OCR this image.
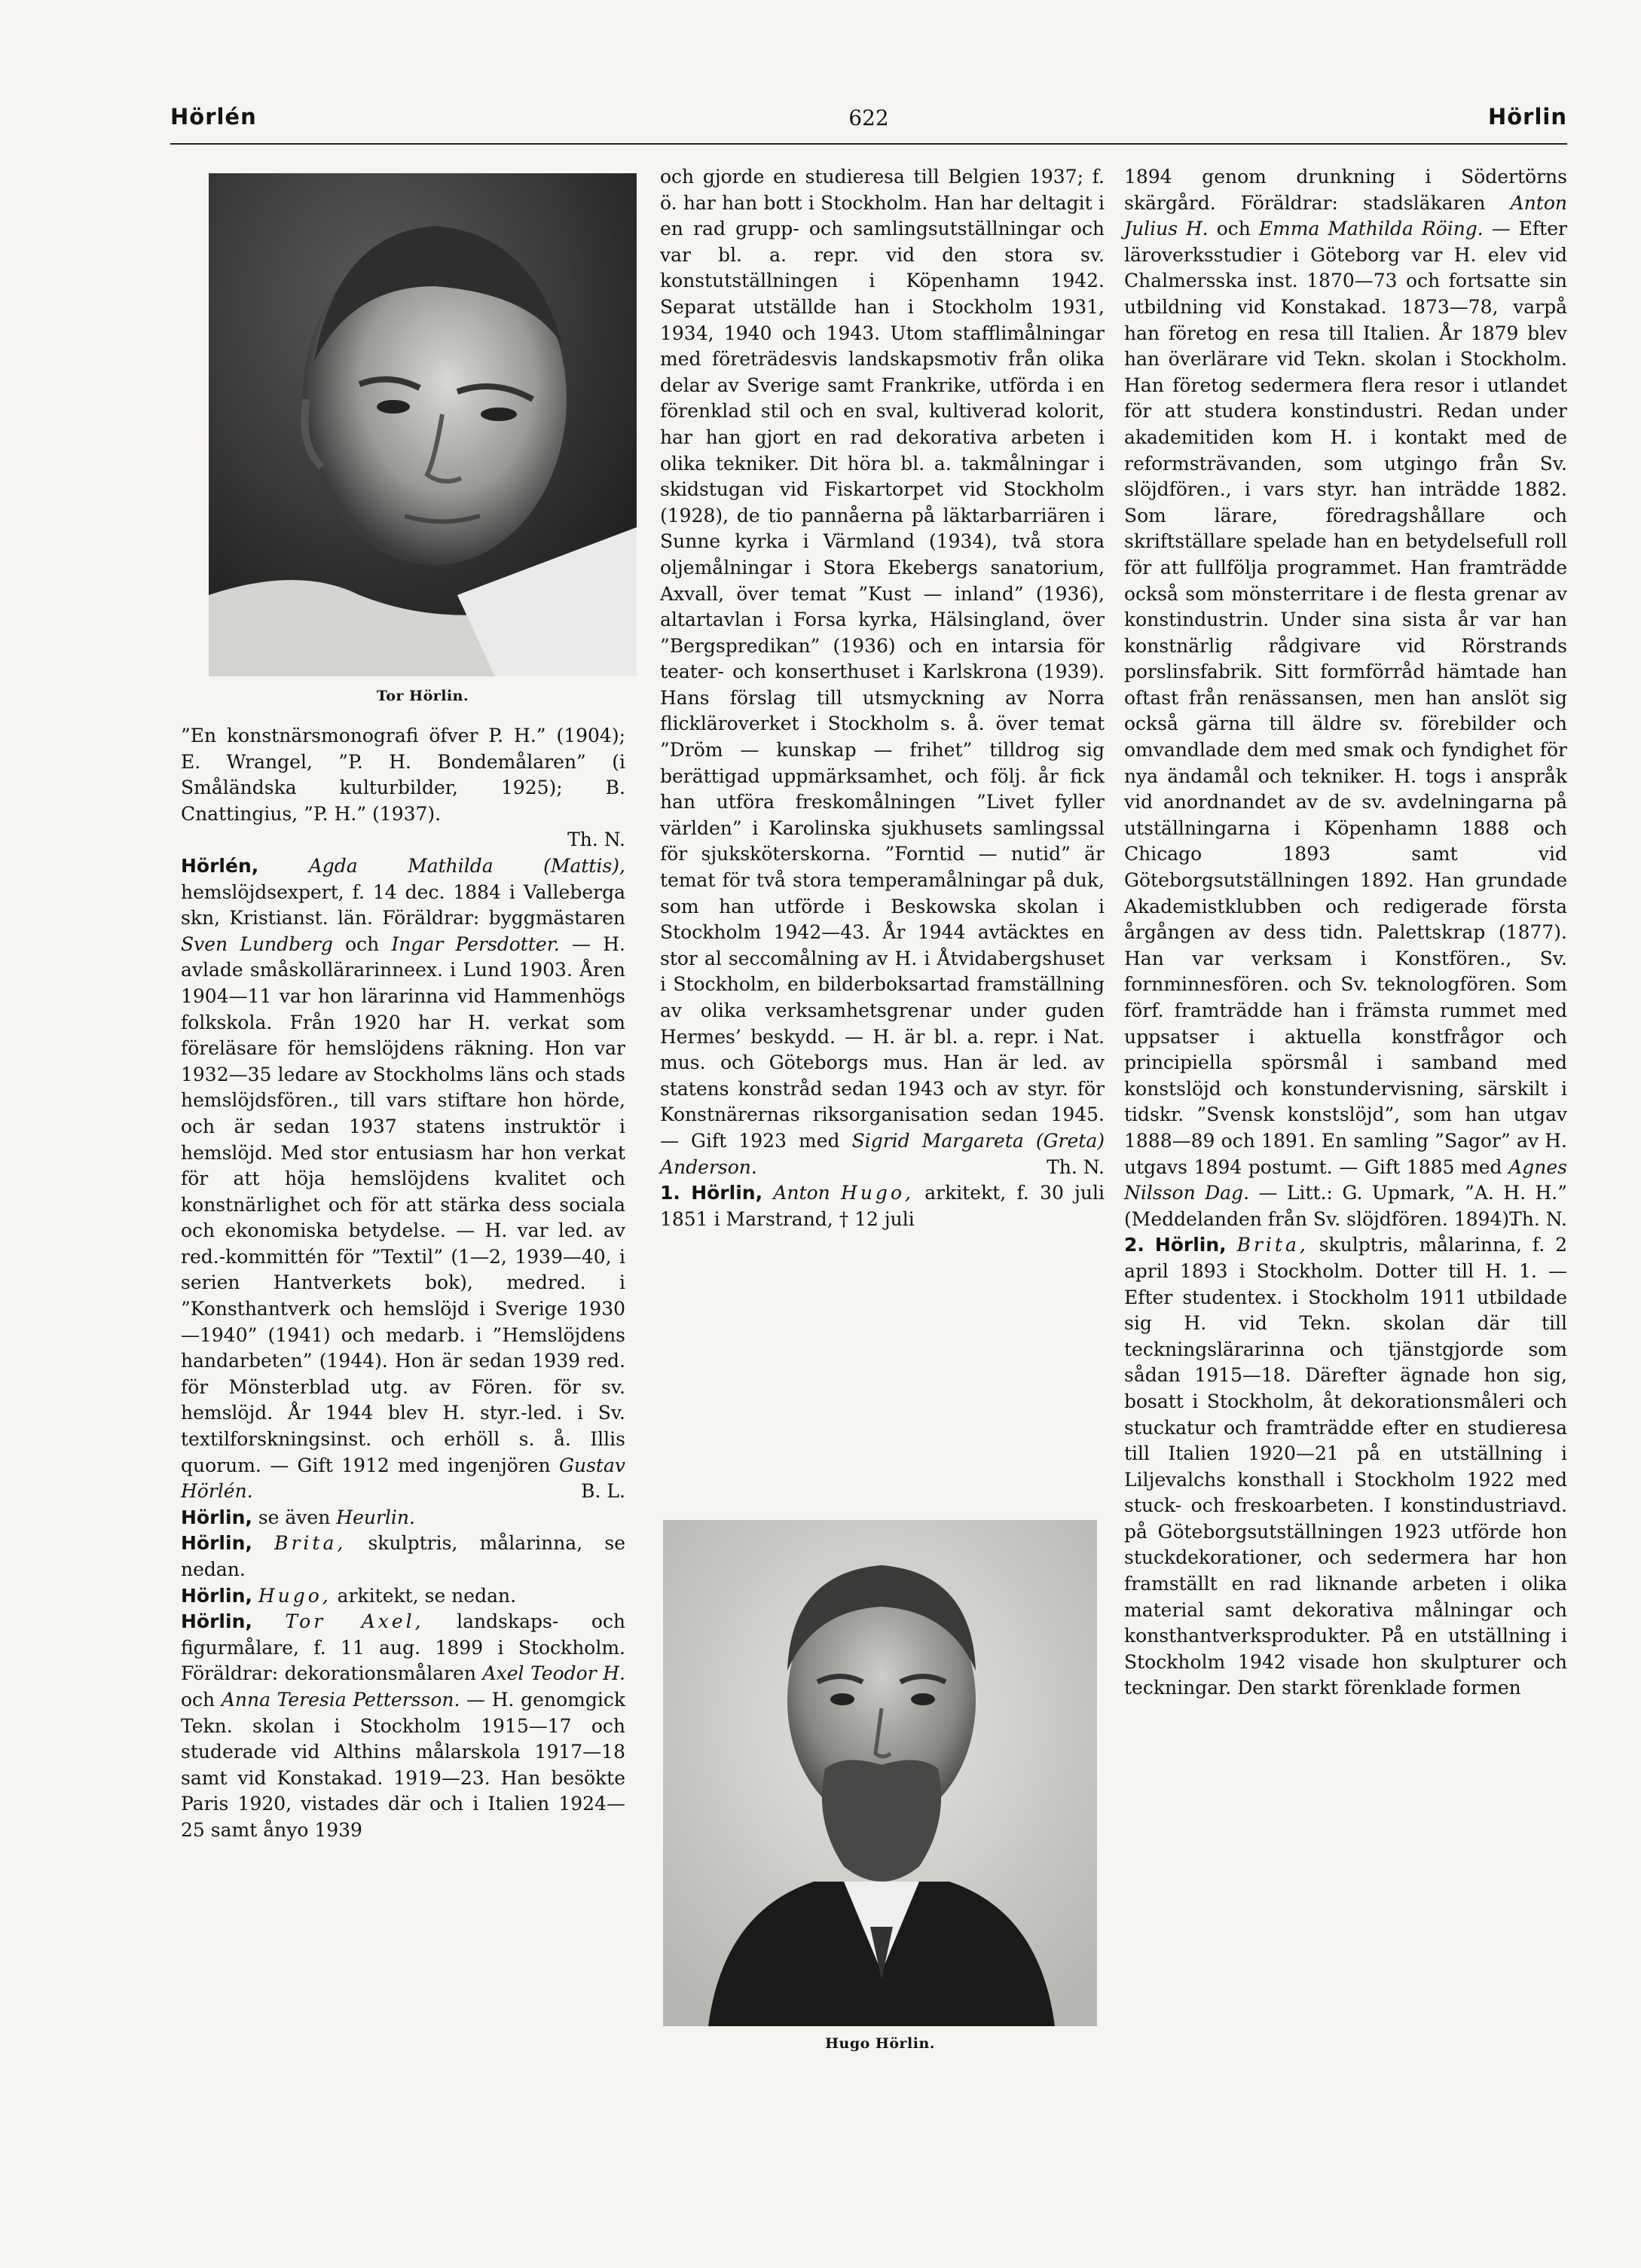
Hörlén	622	Hörlin
Tor Hörlin.

”En konstnärsmonografi öfver P. H.” (1904); E. Wrangel, ”P. H. Bondemålaren” (i Småländska kulturbilder, 1925); B. Cnattingius, ”P. H.” (1937).

Th. N.

Hörlén,	Agda Mathilda (Mattis), hemslöjdsexpert, f. 14 dec. 1884 i Valleberga skn, Kristianst. län. Föräldrar: byggmästaren Sven Lundberg och Ingar Persdotter. — H. avlade småskollärarinneex. i Lund 1903. Åren 1904—11 var hon lärarinna vid Hammenhögs folkskola. Från 1920 har H. verkat som föreläsare för hemslöjdens räkning. Hon var 1932—35 ledare av Stockholms läns och stads hemslöjdsfören., till vars stiftare hon hörde, och är sedan 1937 statens instruktör i hemslöjd. Med stor entusiasm har hon verkat för att höja hemslöjdens kvalitet och konstnärlighet och för att stärka dess sociala och ekonomiska betydelse. — H. var led. av red.-kommittén för ”Textil” (1—2, 1939—40, i serien Hantverkets bok), medred. i ”Konsthantverk och hemslöjd i Sverige 1930—1940” (1941) och medarb. i ”Hemslöjdens handarbeten” (1944). Hon är sedan 1939 red. för Mönsterblad utg. av Fören. för sv. hemslöjd. År 1944 blev H. styr.-led. i Sv. textilforskningsinst. och erhöll s. å. Illis quorum. — Gift 1912 med ingenjören Gustav Hörlén.	B. L.

Hörlin, se även Heurlin.

Hörlin, Brita, skulptris, målarinna, se nedan.

Hörlin, Hugo, arkitekt, se nedan.

Hörlin, Tor Axel, landskaps- och figurmålare, f. 11 aug. 1899 i Stockholm. Föräldrar: dekorationsmålaren Axel Teodor H. och Anna Teresia Pettersson. — H. genomgick Tekn. skolan i Stockholm 1915—17 och studerade vid Althins målarskola 1917—18 samt vid Konstakad. 1919—23. Han besökte Paris 1920, vistades där och i Italien 1924—25 samt ånyo 1939

och gjorde en studieresa till Belgien 1937; f. ö. har han bott i Stockholm. Han har deltagit i en rad grupp- och samlingsutställningar och var bl. a. repr. vid den stora sv. konstutställningen i Köpenhamn 1942. Separat utställde han i Stockholm 1931, 1934, 1940 och 1943. Utom stafflimålningar med företrädesvis landskapsmotiv från olika delar av Sverige samt Frankrike, utförda i en förenklad stil och en sval, kultiverad kolorit, har han gjort en rad dekorativa arbeten i olika tekniker. Dit höra bl. a. takmålningar i skidstugan vid Fiskartorpet vid Stockholm (1928), de tio pannåerna på läktarbarriären i Sunne kyrka i Värmland (1934), två stora oljemålningar i Stora Ekebergs sanatorium, Axvall, över temat ”Kust — inland” (1936), altartavlan i Forsa kyrka, Hälsingland, över ”Bergspredikan” (1936) och en intarsia för teater- och konserthuset i Karlskrona (1939). Hans förslag till utsmyckning av Norra flickläroverket i Stockholm s. å. över temat ”Dröm — kunskap — frihet” tilldrog sig berättigad uppmärksamhet, och följ. år fick han utföra freskomålningen ”Livet fyller världen” i Karolinska sjukhusets samlingssal för sjuksköterskorna. ”Forntid — nutid” är temat för två stora temperamålningar på duk, som han utförde i Beskowska skolan i Stockholm 1942—43. År 1944 avtäcktes en stor al seccomålning av H. i Åtvidabergshuset i Stockholm, en bilderboksartad framställning av olika verksamhetsgrenar under guden Hermes’ beskydd. — H. är bl. a. repr. i Nat. mus. och Göteborgs mus. Han är led. av statens konstråd sedan 1943 och av styr. för Konstnärernas riksorganisation sedan 1945. — Gift 1923 med Sigrid Margareta (Greta) Anderson.	Th. N.

1. Hörlin, Anton Hugo, arkitekt, f. 30 juli 1851 i Marstrand, † 12 juli

Hugo Hörlin.

1894 genom drunkning i Södertörns skärgård. Föräldrar: stadsläkaren Anton Julius H. och Emma Mathilda Röing. — Efter läroverksstudier i Göteborg var H. elev vid Chalmersska inst. 1870—73 och fortsatte sin utbildning vid Konstakad. 1873—78, varpå han företog en resa till Italien. År 1879 blev han överlärare vid Tekn. skolan i Stockholm. Han företog sedermera flera resor i utlandet för att studera konstindustri. Redan under akademitiden kom H. i kontakt med de reformsträvanden, som utgingo från Sv. slöjdfören., i vars styr. han inträdde 1882. Som lärare, föredragshållare och skriftställare spelade han en betydelsefull roll för att fullfölja programmet. Han framträdde också som mönsterritare i de flesta grenar av konstindustrin. Under sina sista år var han konstnärlig rådgivare vid Rörstrands porslinsfabrik. Sitt formförråd hämtade han oftast från renässansen, men han anslöt sig också gärna till äldre sv. förebilder och omvandlade dem med smak och fyndighet för nya ändamål och tekniker. H. togs i anspråk vid anordnandet av de sv. avdelningarna på utställningarna i Köpenhamn 1888 och Chicago 1893 samt vid Göteborgsutställningen 1892. Han grundade Akademistklubben och redigerade första årgången av dess tidn. Palettskrap (1877). Han var verksam i Konstfören., Sv. fornminnesfören. och Sv. teknologfören. Som förf. framträdde han i främsta rummet med uppsatser i aktuella konstfrågor och principiella spörsmål i samband med konstslöjd och konstundervisning, särskilt i tidskr. ”Svensk konstslöjd”, som han utgav 1888—89 och 1891. En samling ”Sagor” av H. utgavs 1894 postumt. — Gift 1885 med Agnes Nilsson Dag. — Litt.: G. Upmark, ”A. H. H.” (Meddelanden från Sv. slöjdfören. 1894).

Th. N.

2. Hörlin, Brita, skulptris, målarinna, f. 2 april 1893 i Stockholm. Dotter till H. 1. — Efter studentex. i Stockholm 1911 utbildade sig H. vid Tekn. skolan där till teckningslärarinna och tjänstgjorde som sådan 1915—18. Därefter ägnade hon sig, bosatt i Stockholm, åt dekorationsmåleri och stuckatur och framträdde efter en studieresa till Italien 1920—21 på en utställning i Liljevalchs konsthall i Stockholm 1922 med stuck- och freskoarbeten. I konstindustriavd. på Göteborgsutställningen 1923 utförde hon stuckdekorationer, och sedermera har hon framställt en rad liknande arbeten i olika material samt dekorativa målningar och konsthantverksprodukter. På en utställning i Stockholm 1942 visade hon skulpturer och teckningar. Den starkt förenklade formen
